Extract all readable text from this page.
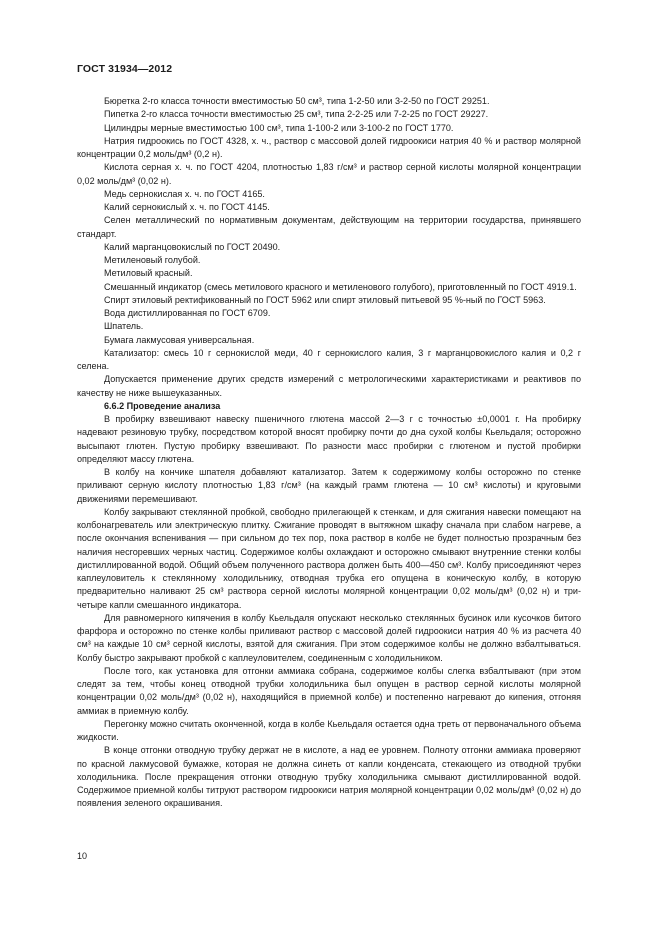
ГОСТ 31934—2012

Бюретка 2-го класса точности вместимостью 50 см³, типа 1-2-50 или 3-2-50 по ГОСТ 29251.

Пипетка 2-го класса точности вместимостью 25 см³, типа 2-2-25 или 7-2-25 по ГОСТ 29227.

Цилиндры мерные вместимостью 100 см³, типа 1-100-2 или 3-100-2 по ГОСТ 1770.

Натрия гидроокись по ГОСТ 4328, х. ч., раствор с массовой долей гидроокиси натрия 40 % и раствор молярной концентрации 0,2 моль/дм³ (0,2 н).

Кислота серная х. ч. по ГОСТ 4204, плотностью 1,83 г/см³ и раствор серной кислоты молярной концентрации 0,02 моль/дм³ (0,02 н).

Медь сернокислая х. ч. по ГОСТ 4165.

Калий сернокислый х. ч. по ГОСТ 4145.

Селен металлический по нормативным документам, действующим на территории государства, принявшего стандарт.

Калий марганцовокислый по ГОСТ 20490.

Метиленовый голубой.

Метиловый красный.

Смешанный индикатор (смесь метилового красного и метиленового голубого), приготовленный по ГОСТ 4919.1.

Спирт этиловый ректификованный по ГОСТ 5962 или спирт этиловый питьевой 95 %-ный по ГОСТ 5963.

Вода дистиллированная по ГОСТ 6709.

Шпатель.

Бумага лакмусовая универсальная.

Катализатор: смесь 10 г сернокислой меди, 40 г сернокислого калия, 3 г марганцовокислого калия и 0,2 г селена.

Допускается применение других средств измерений с метрологическими характеристиками и реактивов по качеству не ниже вышеуказанных.

6.6.2 Проведение анализа

В пробирку взвешивают навеску пшеничного глютена массой 2—3 г с точностью ±0,0001 г. На пробирку надевают резиновую трубку, посредством которой вносят пробирку почти до дна сухой колбы Кьельдаля; осторожно высыпают глютен. Пустую пробирку взвешивают. По разности масс пробирки с глютеном и пустой пробирки определяют массу глютена.

В колбу на кончике шпателя добавляют катализатор. Затем к содержимому колбы осторожно по стенке приливают серную кислоту плотностью 1,83 г/см³ (на каждый грамм глютена — 10 см³ кислоты) и круговыми движениями перемешивают.

Колбу закрывают стеклянной пробкой, свободно прилегающей к стенкам, и для сжигания навески помещают на колбонагреватель или электрическую плитку. Сжигание проводят в вытяжном шкафу сначала при слабом нагреве, а после окончания вспенивания — при сильном до тех пор, пока раствор в колбе не будет полностью прозрачным без наличия несгоревших черных частиц. Содержимое колбы охлаждают и осторожно смывают внутренние стенки колбы дистиллированной водой. Общий объем полученного раствора должен быть 400—450 см³. Колбу присоединяют через каплеуловитель к стеклянному холодильнику, отводная трубка его опущена в коническую колбу, в которую предварительно наливают 25 см³ раствора серной кислоты молярной концентрации 0,02 моль/дм³ (0,02 н) и три-четыре капли смешанного индикатора.

Для равномерного кипячения в колбу Кьельдаля опускают несколько стеклянных бусинок или кусочков битого фарфора и осторожно по стенке колбы приливают раствор с массовой долей гидроокиси натрия 40 % из расчета 40 см³ на каждые 10 см³ серной кислоты, взятой для сжигания. При этом содержимое колбы не должно взбалтываться. Колбу быстро закрывают пробкой с каплеуловителем, соединенным с холодильником.

После того, как установка для отгонки аммиака собрана, содержимое колбы слегка взбалтывают (при этом следят за тем, чтобы конец отводной трубки холодильника был опущен в раствор серной кислоты молярной концентрации 0,02 моль/дм³ (0,02 н), находящийся в приемной колбе) и постепенно нагревают до кипения, отгоняя аммиак в приемную колбу.

Перегонку можно считать оконченной, когда в колбе Кьельдаля остается одна треть от первоначального объема жидкости.

В конце отгонки отводную трубку держат не в кислоте, а над ее уровнем. Полноту отгонки аммиака проверяют по красной лакмусовой бумажке, которая не должна синеть от капли конденсата, стекающего из отводной трубки холодильника. После прекращения отгонки отводную трубку холодильника смывают дистиллированной водой. Содержимое приемной колбы титруют раствором гидроокиси натрия молярной концентрации 0,02 моль/дм³ (0,02 н) до появления зеленого окрашивания.

10
